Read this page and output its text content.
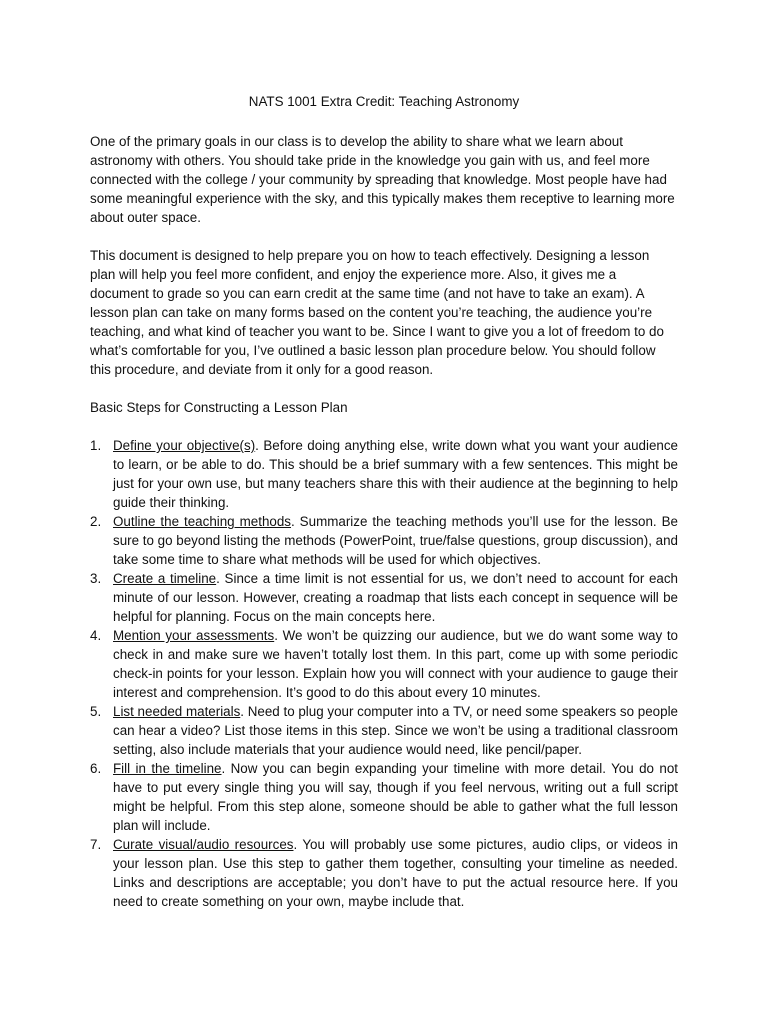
NATS 1001 Extra Credit: Teaching Astronomy

One of the primary goals in our class is to develop the ability to share what we learn about astronomy with others. You should take pride in the knowledge you gain with us, and feel more connected with the college / your community by spreading that knowledge. Most people have had some meaningful experience with the sky, and this typically makes them receptive to learning more about outer space.

This document is designed to help prepare you on how to teach effectively. Designing a lesson plan will help you feel more confident, and enjoy the experience more. Also, it gives me a document to grade so you can earn credit at the same time (and not have to take an exam). A lesson plan can take on many forms based on the content you’re teaching, the audience you’re teaching, and what kind of teacher you want to be. Since I want to give you a lot of freedom to do what’s comfortable for you, I’ve outlined a basic lesson plan procedure below. You should follow this procedure, and deviate from it only for a good reason.

Basic Steps for Constructing a Lesson Plan
1. Define your objective(s). Before doing anything else, write down what you want your audience to learn, or be able to do. This should be a brief summary with a few sentences. This might be just for your own use, but many teachers share this with their audience at the beginning to help guide their thinking.
2. Outline the teaching methods. Summarize the teaching methods you’ll use for the lesson. Be sure to go beyond listing the methods (PowerPoint, true/false questions, group discussion), and take some time to share what methods will be used for which objectives.
3. Create a timeline. Since a time limit is not essential for us, we don’t need to account for each minute of our lesson. However, creating a roadmap that lists each concept in sequence will be helpful for planning. Focus on the main concepts here.
4. Mention your assessments. We won’t be quizzing our audience, but we do want some way to check in and make sure we haven’t totally lost them. In this part, come up with some periodic check-in points for your lesson. Explain how you will connect with your audience to gauge their interest and comprehension. It’s good to do this about every 10 minutes.
5. List needed materials. Need to plug your computer into a TV, or need some speakers so people can hear a video? List those items in this step. Since we won’t be using a traditional classroom setting, also include materials that your audience would need, like pencil/paper.
6. Fill in the timeline. Now you can begin expanding your timeline with more detail. You do not have to put every single thing you will say, though if you feel nervous, writing out a full script might be helpful. From this step alone, someone should be able to gather what the full lesson plan will include.
7. Curate visual/audio resources. You will probably use some pictures, audio clips, or videos in your lesson plan. Use this step to gather them together, consulting your timeline as needed. Links and descriptions are acceptable; you don’t have to put the actual resource here. If you need to create something on your own, maybe include that.
